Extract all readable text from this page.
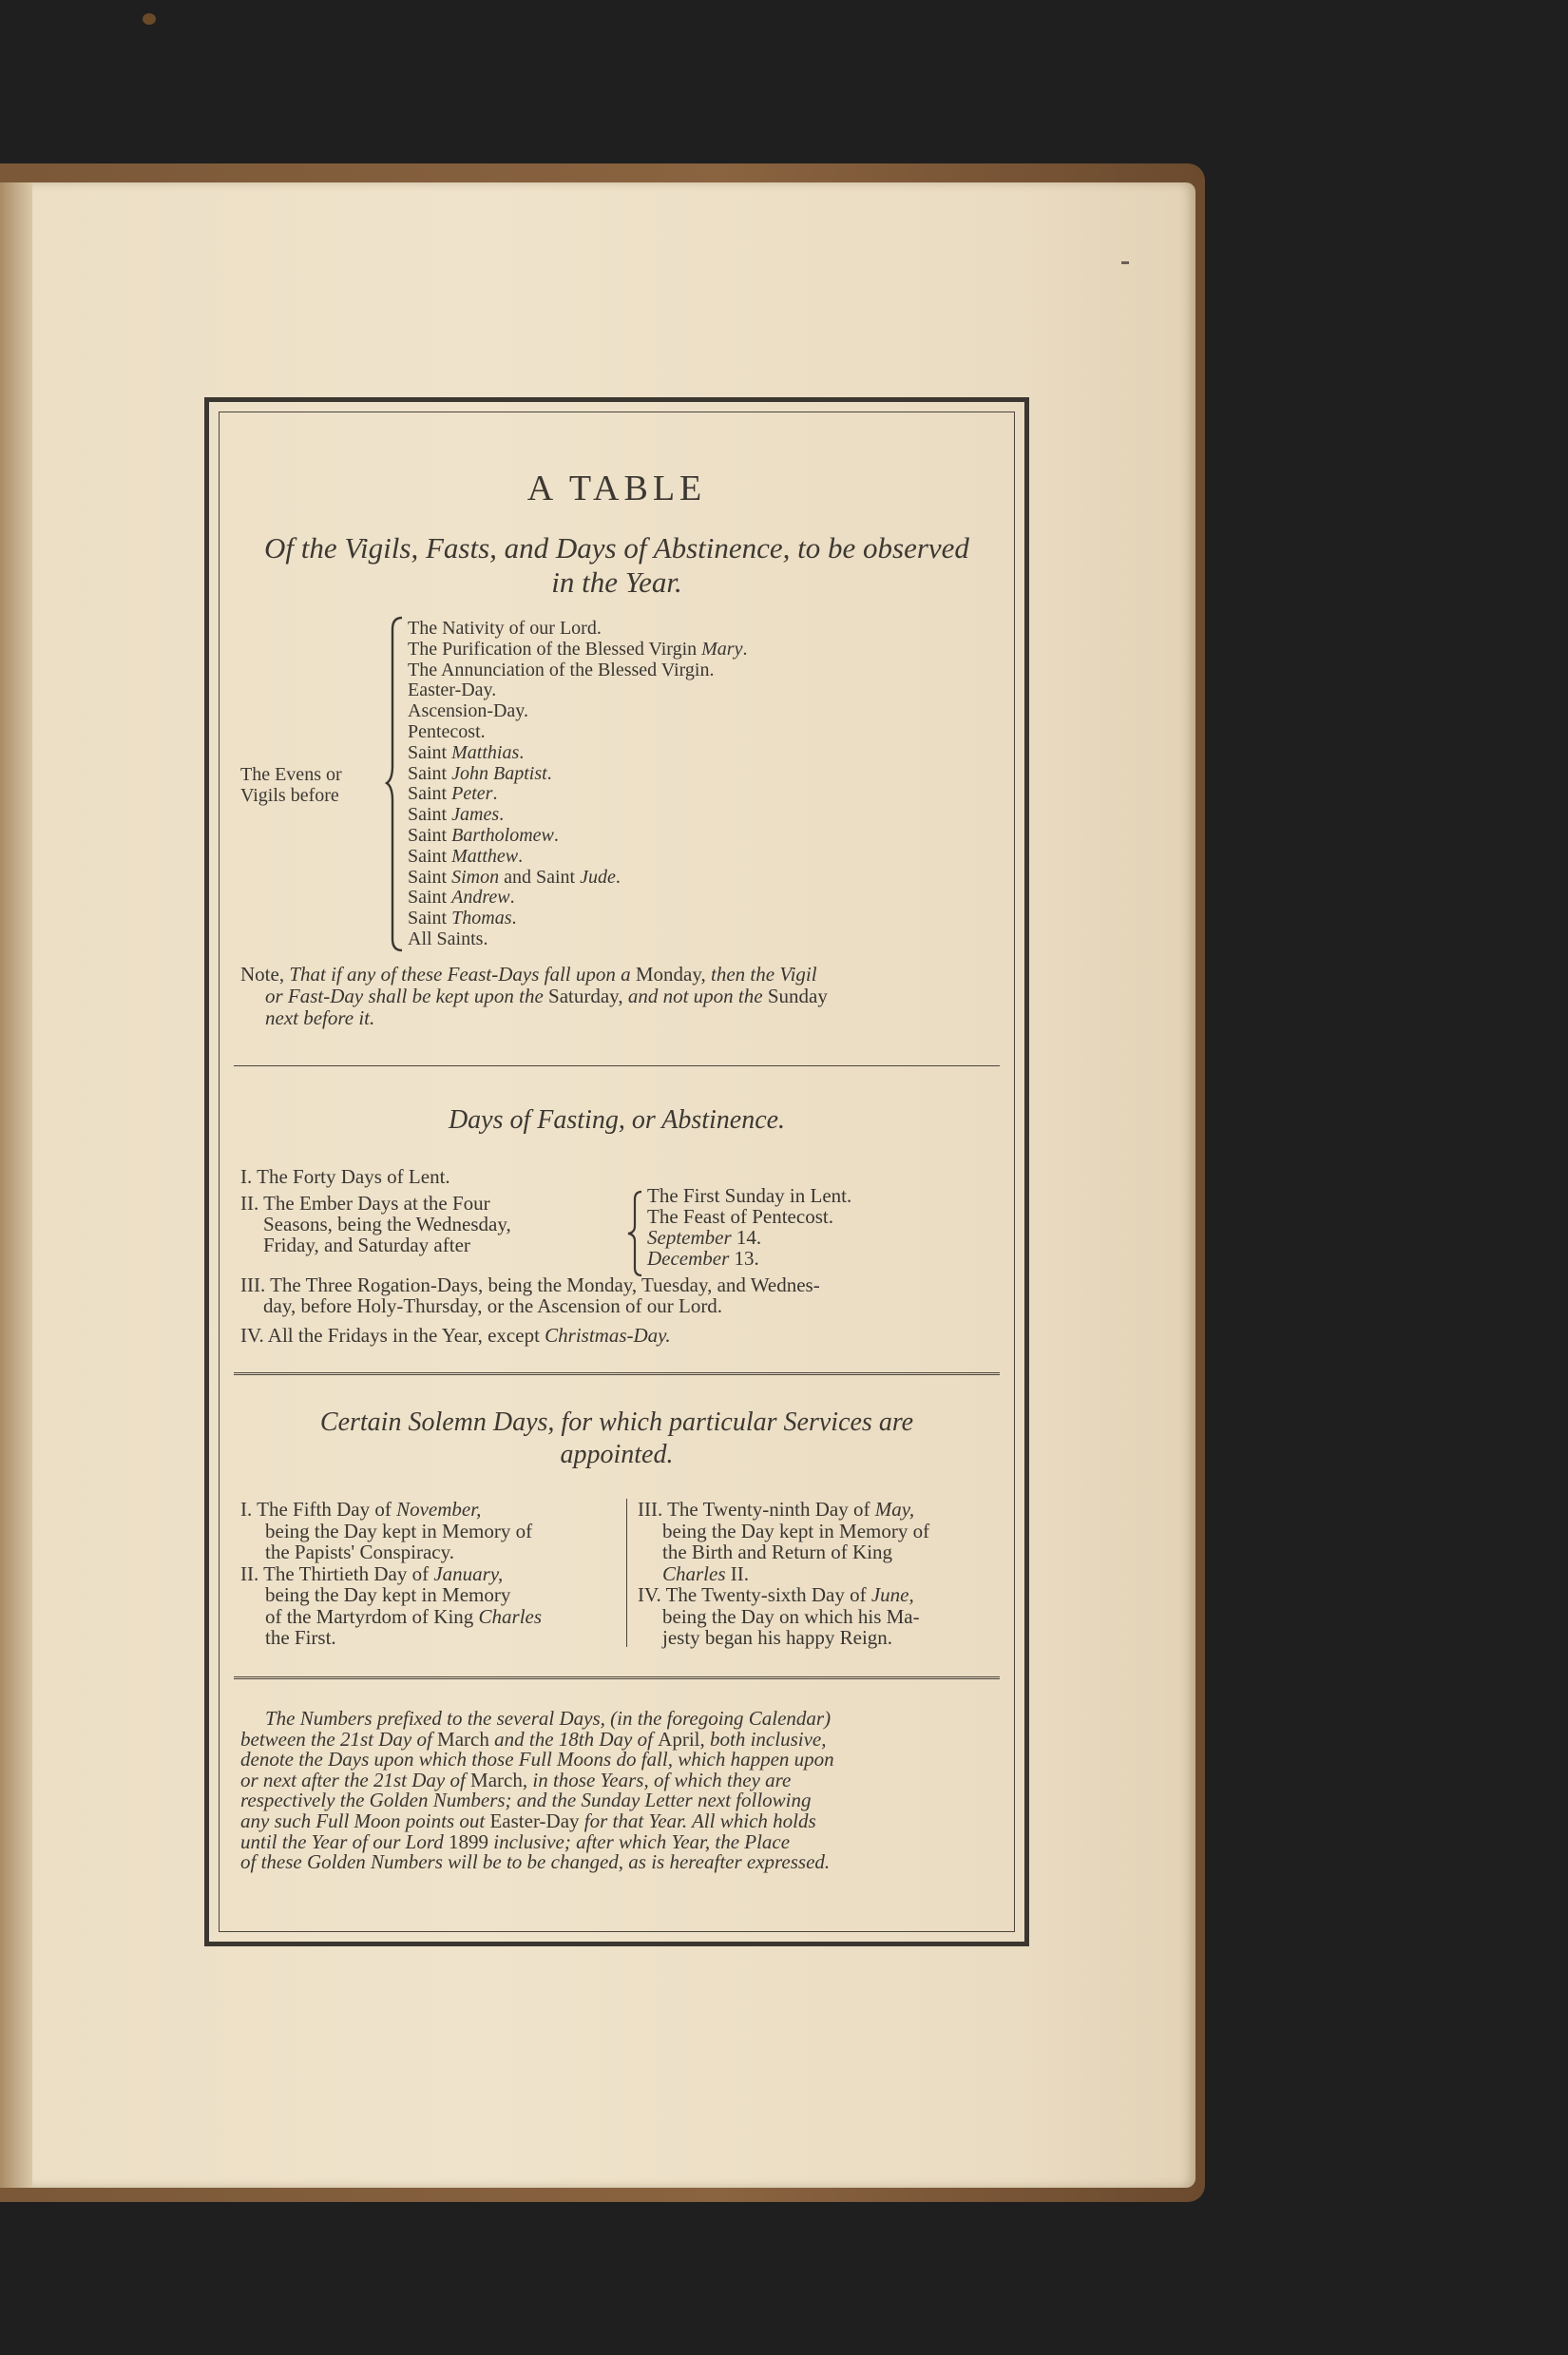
A TABLE
Of the Vigils, Fasts, and Days of Abstinence, to be observed
in the Year.
The Evens or
Vigils before
The Nativity of our Lord.
The Purification of the Blessed Virgin Mary.
The Annunciation of the Blessed Virgin.
Easter-Day.
Ascension-Day.
Pentecost.
Saint Matthias.
Saint John Baptist.
Saint Peter.
Saint James.
Saint Bartholomew.
Saint Matthew.
Saint Simon and Saint Jude.
Saint Andrew.
Saint Thomas.
All Saints.
Note, That if any of these Feast-Days fall upon a Monday, then the Vigil
or Fast-Day shall be kept upon the Saturday, and not upon the Sunday
next before it.
Days of Fasting, or Abstinence.
I. The Forty Days of Lent.
II. The Ember Days at the Four
Seasons, being the Wednesday,
Friday, and Saturday after
The First Sunday in Lent.
The Feast of Pentecost.
September 14.
December 13.
III. The Three Rogation-Days, being the Monday, Tuesday, and Wednes-
day, before Holy-Thursday, or the Ascension of our Lord.
IV. All the Fridays in the Year, except Christmas-Day.
Certain Solemn Days, for which particular Services are
appointed.

I. The Fifth Day of November,

being the Day kept in Memory of

the Papists' Conspiracy.

II. The Thirtieth Day of January,

being the Day kept in Memory

of the Martyrdom of King Charles

the First.

III. The Twenty-ninth Day of May,

being the Day kept in Memory of

the Birth and Return of King

Charles II.

IV. The Twenty-sixth Day of June,

being the Day on which his Ma-

jesty began his happy Reign.

The Numbers prefixed to the several Days, (in the foregoing Calendar)
between the 21st Day of March and the 18th Day of April, both inclusive,
denote the Days upon which those Full Moons do fall, which happen upon
or next after the 21st Day of March, in those Years, of which they are
respectively the Golden Numbers; and the Sunday Letter next following
any such Full Moon points out Easter-Day for that Year. All which holds
until the Year of our Lord 1899 inclusive; after which Year, the Place
of these Golden Numbers will be to be changed, as is hereafter expressed.
